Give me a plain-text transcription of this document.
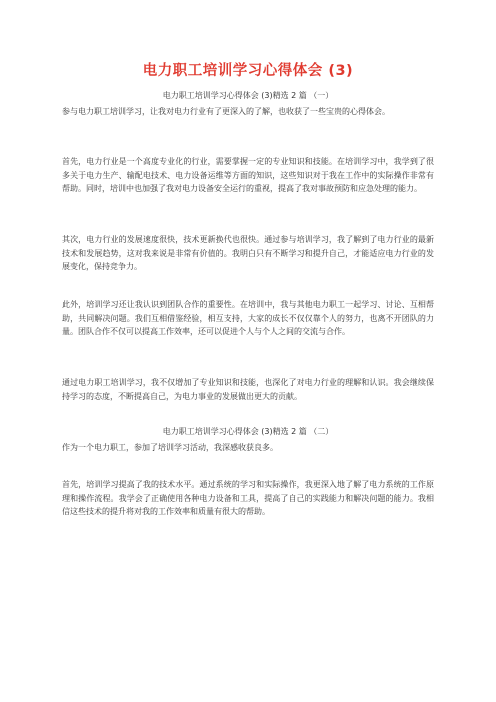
电力职工培训学习心得体会 (3)
电力职工培训学习心得体会 (3)精选 2 篇 （一）
参与电力职工培训学习，让我对电力行业有了更深入的了解，也收获了一些宝贵的心得体会。
首先，电力行业是一个高度专业化的行业，需要掌握一定的专业知识和技能。在培训学习中，我学到了很多关于电力生产、输配电技术、电力设备运维等方面的知识，这些知识对于我在工作中的实际操作非常有帮助。同时，培训中也加强了我对电力设备安全运行的重视，提高了我对事故预防和应急处理的能力。
其次，电力行业的发展速度很快，技术更新换代也很快。通过参与培训学习，我了解到了电力行业的最新技术和发展趋势，这对我来说是非常有价值的。我明白只有不断学习和提升自己，才能适应电力行业的发展变化，保持竞争力。
此外，培训学习还让我认识到团队合作的重要性。在培训中，我与其他电力职工一起学习、讨论、互相帮助，共同解决问题。我们互相借鉴经验，相互支持，大家的成长不仅仅靠个人的努力，也离不开团队的力量。团队合作不仅可以提高工作效率，还可以促进个人与个人之间的交流与合作。
通过电力职工培训学习，我不仅增加了专业知识和技能，也深化了对电力行业的理解和认识。我会继续保持学习的态度，不断提高自己，为电力事业的发展做出更大的贡献。
电力职工培训学习心得体会 (3)精选 2 篇 （二）
作为一个电力职工，参加了培训学习活动，我深感收获良多。
首先，培训学习提高了我的技术水平。通过系统的学习和实际操作，我更深入地了解了电力系统的工作原理和操作流程。我学会了正确使用各种电力设备和工具，提高了自己的实践能力和解决问题的能力。我相信这些技术的提升将对我的工作效率和质量有很大的帮助。
